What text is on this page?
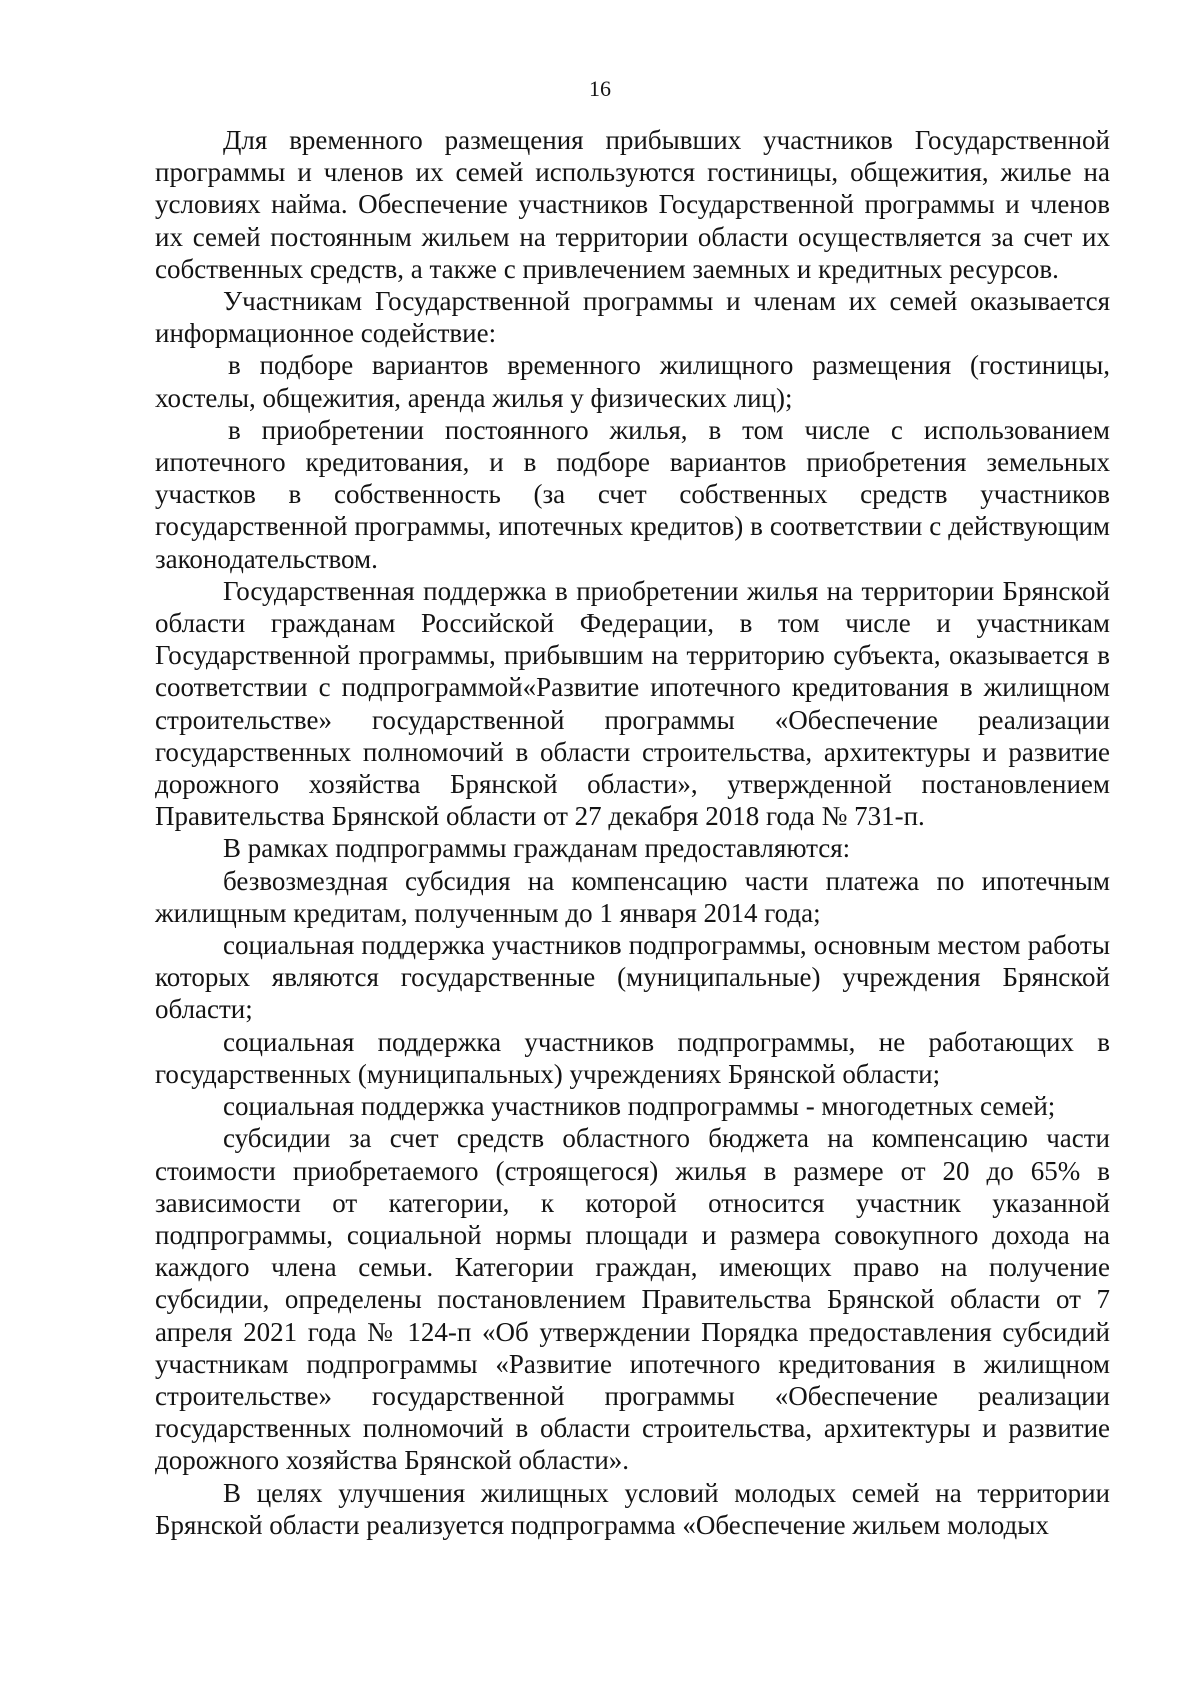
16

Для временного размещения прибывших участников Государственной программы и членов их семей используются гостиницы, общежития, жилье на условиях найма. Обеспечение участников Государственной программы и членов их семей постоянным жильем на территории области осуществляется за счет их собственных средств, а также с привлечением заемных и кредитных ресурсов.

Участникам Государственной программы и членам их семей оказывается информационное содействие:

в подборе вариантов временного жилищного размещения (гостиницы, хостелы, общежития, аренда жилья у физических лиц);

в приобретении постоянного жилья, в том числе с использованием ипотечного кредитования, и в подборе вариантов приобретения земельных участков в собственность (за счет собственных средств участников государственной программы, ипотечных кредитов) в соответствии с действующим законодательством.

Государственная поддержка в приобретении жилья на территории Брянской области гражданам Российской Федерации, в том числе и участникам Государственной программы, прибывшим на территорию субъекта, оказывается в соответствии с подпрограммой«Развитие ипотечного кредитования в жилищном строительстве» государственной программы «Обеспечение реализации государственных полномочий в области строительства, архитектуры и развитие дорожного хозяйства Брянской области», утвержденной постановлением Правительства Брянской области от 27 декабря 2018 года № 731-п.

В рамках подпрограммы гражданам предоставляются:

безвозмездная субсидия на компенсацию части платежа по ипотечным жилищным кредитам, полученным до 1 января 2014 года;

социальная поддержка участников подпрограммы, основным местом работы которых являются государственные (муниципальные) учреждения Брянской области;

социальная поддержка участников подпрограммы, не работающих в государственных (муниципальных) учреждениях Брянской области;

социальная поддержка участников подпрограммы - многодетных семей;

субсидии за счет средств областного бюджета на компенсацию части стоимости приобретаемого (строящегося) жилья в размере от 20 до 65% в зависимости от категории, к которой относится участник указанной подпрограммы, социальной нормы площади и размера совокупного дохода на каждого члена семьи. Категории граждан, имеющих право на получение субсидии, определены постановлением Правительства Брянской области от 7 апреля 2021 года № 124-п «Об утверждении Порядка предоставления субсидий участникам подпрограммы «Развитие ипотечного кредитования в жилищном строительстве» государственной программы «Обеспечение реализации государственных полномочий в области строительства, архитектуры и развитие дорожного хозяйства Брянской области».

В целях улучшения жилищных условий молодых семей на территории Брянской области реализуется подпрограмма «Обеспечение жильем молодых
